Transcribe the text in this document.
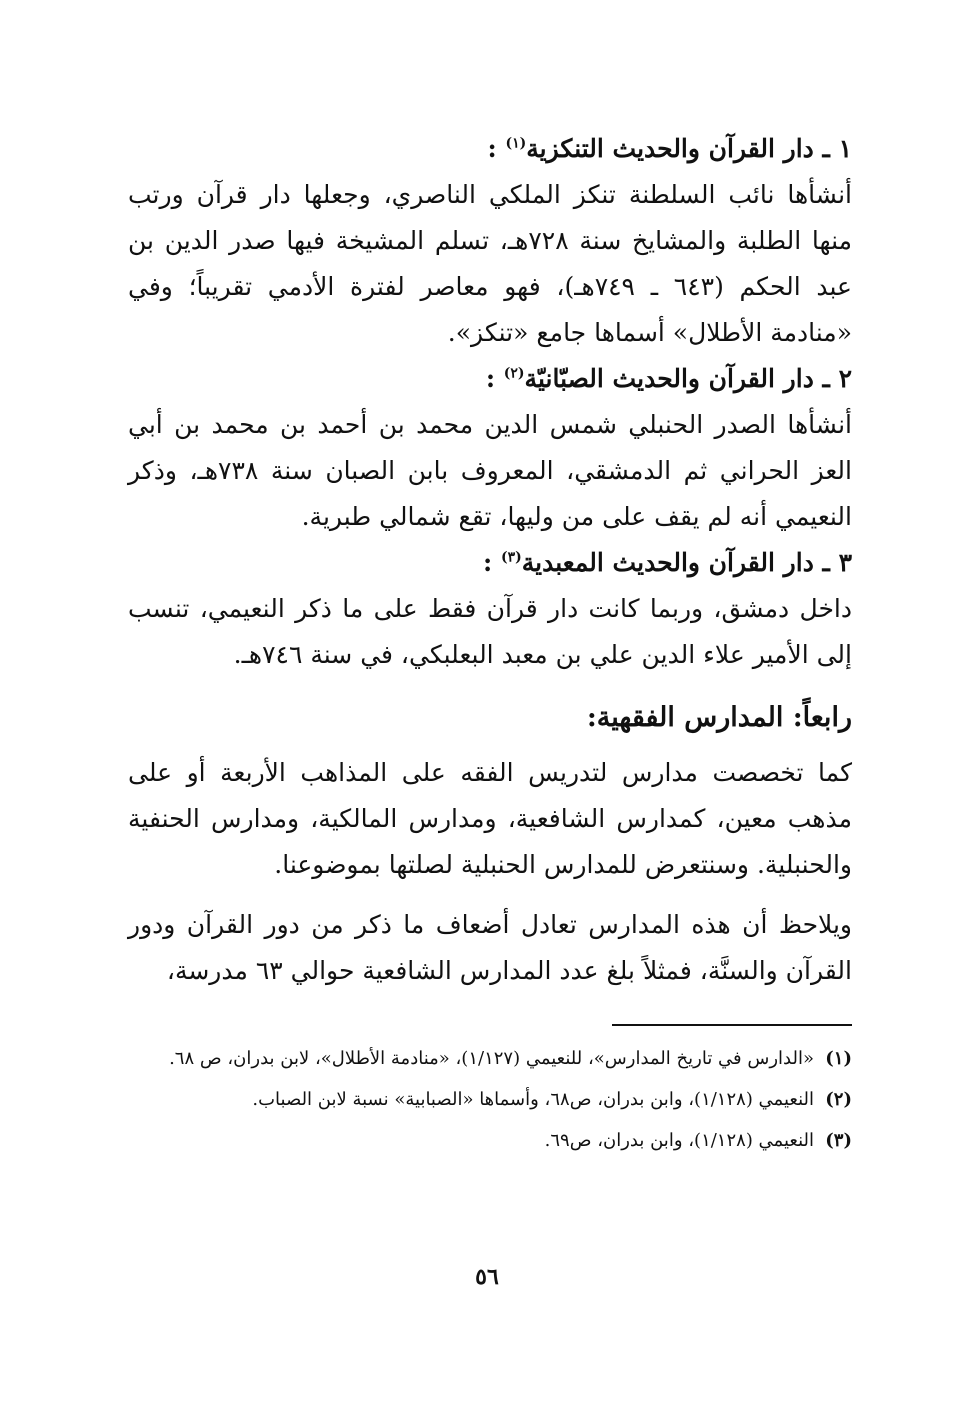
١ ـ دار القرآن والحديث التنكزية$^{(١)}$ :

أنشأها نائب السلطنة تنكز الملكي الناصري، وجعلها دار قرآن ورتب منها الطلبة والمشايخ سنة ٧٢٨هـ، تسلم المشيخة فيها صدر الدين بن عبد الحكم (٦٤٣ ـ ٧٤٩هـ)، فهو معاصر لفترة الأدمي تقريباً؛ وفي «منادمة الأطلال» أسماها جامع «تنكز».

٢ ـ دار القرآن والحديث الصبّانيّة$^{(٢)}$ :

أنشأها الصدر الحنبلي شمس الدين محمد بن أحمد بن محمد بن أبي العز الحراني ثم الدمشقي، المعروف بابن الصبان سنة ٧٣٨هـ، وذكر النعيمي أنه لم يقف على من وليها، تقع شمالي طبرية.

٣ ـ دار القرآن والحديث المعبدية$^{(٣)}$ :

داخل دمشق، وربما كانت دار قرآن فقط على ما ذكر النعيمي، تنسب إلى الأمير علاء الدين علي بن معبد البعلبكي، في سنة ٧٤٦هـ.

رابعاً: المدارس الفقهية:

كما تخصصت مدارس لتدريس الفقه على المذاهب الأربعة أو على مذهب معين، كمدارس الشافعية، ومدارس المالكية، ومدارس الحنفية والحنبلية. وسنتعرض للمدارس الحنبلية لصلتها بموضوعنا.

ويلاحظ أن هذه المدارس تعادل أضعاف ما ذكر من دور القرآن ودور القرآن والسنَّة، فمثلاً بلغ عدد المدارس الشافعية حوالي ٦٣ مدرسة،

(١)
«الدارس في تاريخ المدارس»، للنعيمي (١/١٢٧)، «منادمة الأطلال»، لابن بدران، ص ٦٨.
(٢)
النعيمي (١/١٢٨)، وابن بدران، ص٦٨، وأسماها «الصبابية» نسبة لابن الصباب.
(٣)
النعيمي (١/١٢٨)، وابن بدران، ص٦٩.
٥٦
